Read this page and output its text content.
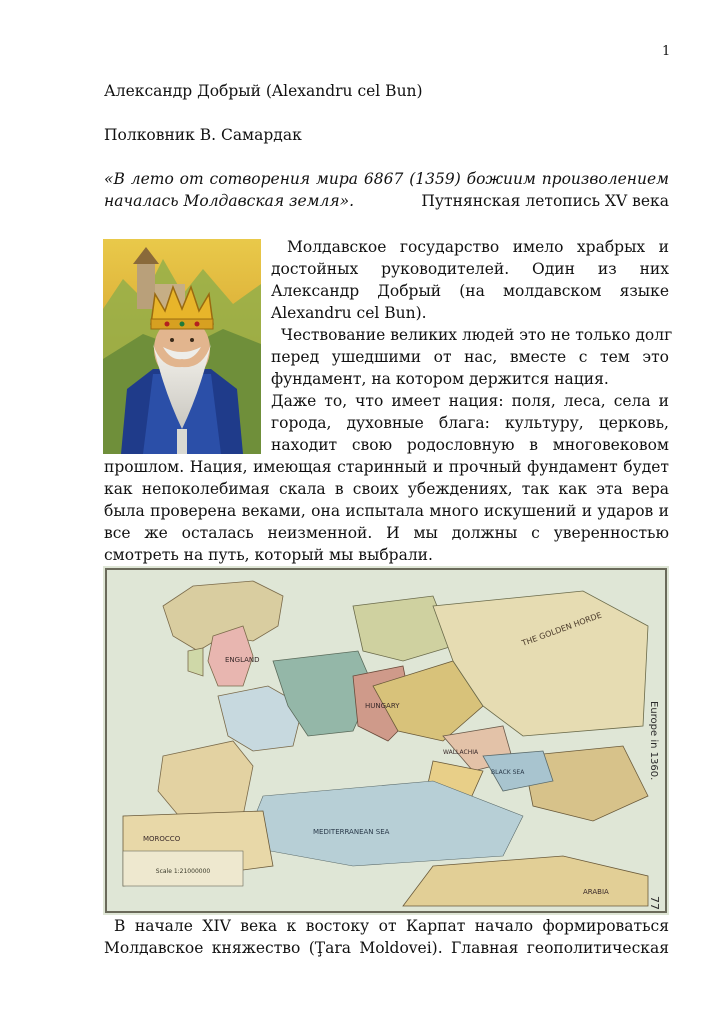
1
Александр Добрый (Alexandru cel Bun)
Полковник В. Самардак
«В лето от сотворения мира 6867 (1359) божиим произволением
началась Молдавская земля».	Путнянская летопись XV века
Молдавское государство имело храбрых и
достойных руководителей. Один из них
Александр Добрый (на молдавском языке
Alexandru cel Bun).
Чествование великих людей это не только долг
перед ушедшими от нас, вместе с тем это
фундамент, на котором держится нация.
Даже то, что имеет нация: поля, леса, села и
города, духовные блага: культуру, церковь,
находит свою родословную в многовековом
прошлом. Нация, имеющая старинный и прочный фундамент будет как непоколебимая скала в своих убеждениях, так как эта вера была проверена веками, она испытала много искушений и ударов и все же осталась неизменной. И мы должны с уверенностью смотреть на путь, который мы выбрали.
Scale 1:21000000
ENGLAND
HUNGARY
WALLACHIA
THE GOLDEN HORDE
BLACK SEA
MEDITERRANEAN SEA
MOROCCO
ARABIA
Europe in 1360.
77
В начале XIV века к востоку от Карпат начало формироваться
Молдавское княжество (Ţara Moldovei). Главная геополитическая
